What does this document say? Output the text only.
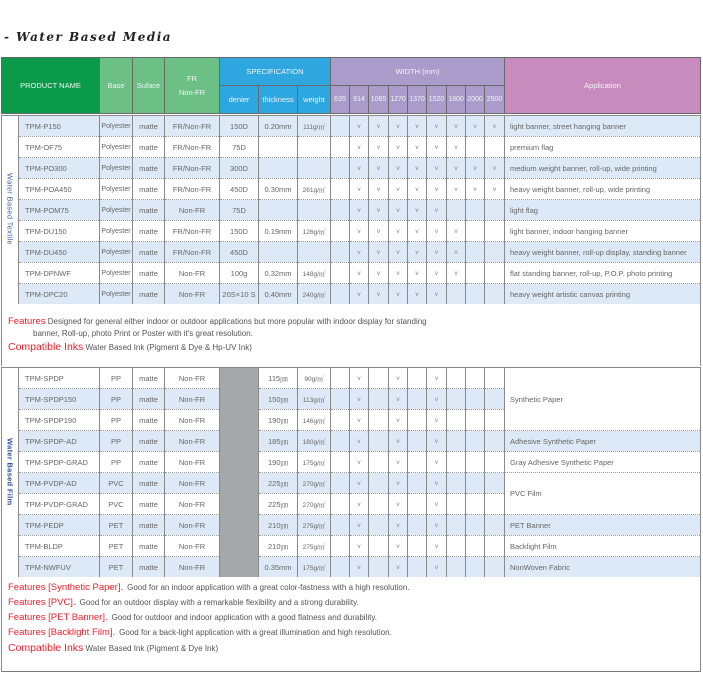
- Water Based Media
PRODUCT NAME	Base	Suface	FR
Non-FR	SPECIFICATION			WIDTH (mm)									Application
				denier	thickness	weight	635	914	1065	1270	1370	1520	1800	2000	2500	
Water Based Textile	TPM-P150	Polyester	matte	FR/Non-FR	150D	0.20mm	111g/㎡		v	v	v	v	v	v	v	v	light banner, street hanging banner
	TPM-OF75	Polyester	matte	FR/Non-FR	75D				v	v	v	v	v	v			premium flag
	TPM-PO300	Polyester	matte	FR/Non-FR	300D				v	v	v	v	v	v	v	v	medium weight banner, roll-up, wide printing
	TPM-POA450	Polyester	matte	FR/Non-FR	450D	0.30mm	261g/㎡		v	v	v	v	v	v	v	v	heavy weight banner, roll-up, wide printing
	TPM-POM75	Polyester	matte	Non-FR	75D				v	v	v	v	v				light flag
	TPM-DU150	Polyester	matte	FR/Non-FR	150D	0.19mm	126g/㎡		v	v	v	v	v	v			light banner, indoor hanging banner
	TPM-DU450	Polyester	matte	FR/Non-FR	450D				v	v	v	v	v	v			heavy weight banner, roll-up display, standing banner
	TPM-DPNWF	Polyester	matte	Non-FR	100g	0.32mm	148g/㎡		v	v	v	v	v	v			flat standing banner, roll-up, P.O.P. photo printing
	TPM-DPC20	Polyester	matte	Non-FR	20S×10 S	0.40mm	240g/㎡		v	v	v	v	v				heavy weight artistic canvas printing
Features Designed for general either indoor or outdoor applications but more popular with indoor display for standing
banner, Roll-up, photo Print or Poster with it's great resolution.
Compatible Inks Water Based Ink (Pigment & Dye & Hp-UV Ink)
Water Based Film	TPM-SPDP	PP	matte	Non-FR		115㎛	90g/㎡		v		v		v				Synthetic Paper
	TPM-SPDP150	PP	matte	Non-FR		150㎛	113g/㎡		v		v		v				
	TPM-SPDP190	PP	matte	Non-FR		190㎛	146g/㎡		v		v		v				
	TPM-SPDP-AD	PP	matte	Non-FR		185㎛	180g/㎡		v		v		v				Adhesive Synthetic Paper
	TPM-SPDP-GRAD	PP	matte	Non-FR		190㎛	175g/㎡		v		v		v				Gray Adhesive Synthetic Paper
	TPM-PVDP-AD	PVC	matte	Non-FR		225㎛	270g/㎡		v		v		v				PVC Film
	TPM-PVDP-GRAD	PVC	matte	Non-FR		225㎛	270g/㎡		v		v		v				
	TPM-PEDP	PET	matte	Non-FR		210㎛	275g/㎡		v		v		v				PET Banner
	TPM-BLDP	PET	matte	Non-FR		210㎛	275g/㎡		v		v		v				Backlight Film
	TPM-NWFUV	PET	matte	Non-FR		0.35mm	175g/㎡		v		v		v				NonWoven Fabric
Features [Synthetic Paper]. Good for an indoor application with a great color-fastness with a high resolution.
Features [PVC]. Good for an outdoor display with a remarkable flexibility and a strong durability.
Features [PET Banner]. Good for outdoor and indoor application with a good flatness and durability.
Features [Backlight Film]. Good for a back-light application with a great illumination and high resolution.
Compatible Inks Water Based Ink (Pigment & Dye Ink)
